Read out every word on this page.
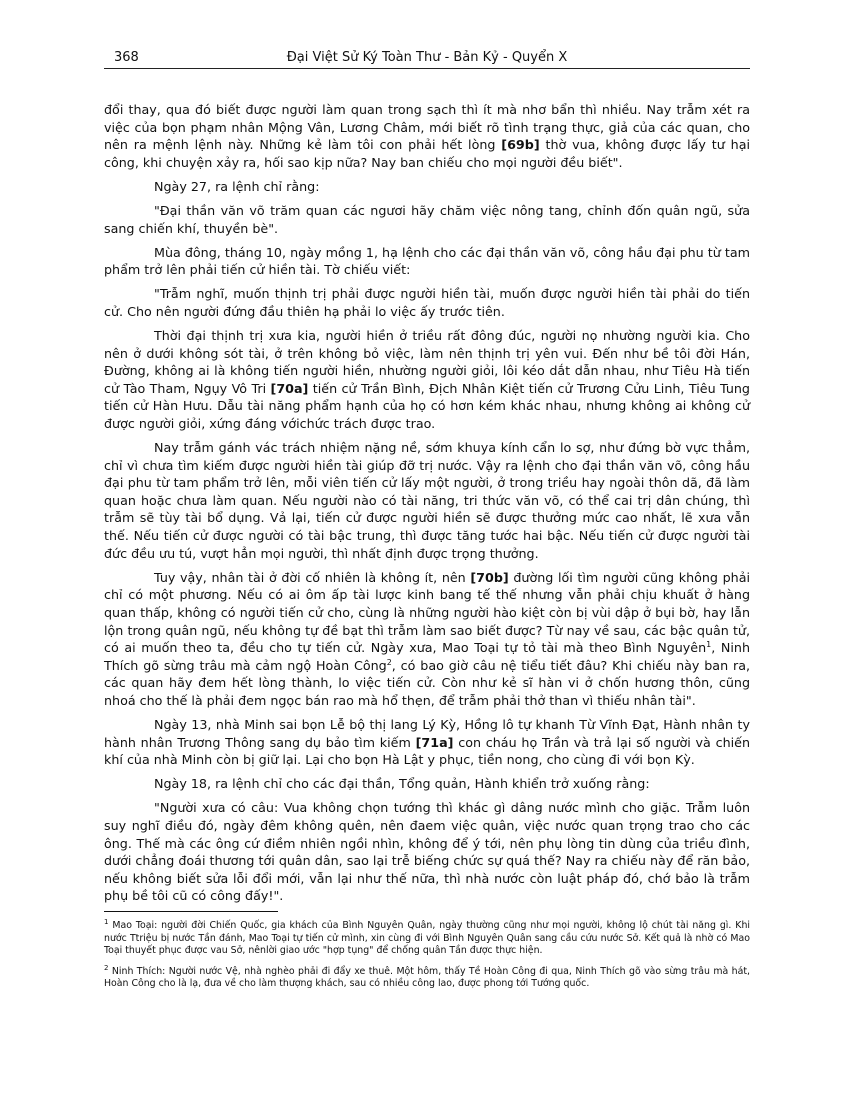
368	Đại Việt Sử Ký Toàn Thư - Bản Kỷ - Quyển X

đổi thay, qua đó biết được người làm quan trong sạch thì ít mà nhơ bẩn thì nhiều. Nay trẫm xét ra việc của bọn phạm nhân Mộng Vân, Lương Châm, mới biết rõ tình trạng thực, giả của các quan, cho nên ra mệnh lệnh này. Những kẻ làm tôi con phải hết lòng [69b] thờ vua, không được lấy tư hại công, khi chuyện xảy ra, hối sao kịp nữa? Nay ban chiếu cho mọi người đều biết".

Ngày 27, ra lệnh chỉ rằng:

"Đại thần văn võ trăm quan các ngươi hãy chăm việc nông tang, chỉnh đốn quân ngũ, sửa sang chiến khí, thuyền bè".

Mùa đông, tháng 10, ngày mồng 1, hạ lệnh cho các đại thần văn võ, công hầu đại phu từ tam phẩm trở lên phải tiến cử hiền tài. Tờ chiếu viết:

"Trẫm nghĩ, muốn thịnh trị phải được người hiền tài, muốn được người hiền tài phải do tiến cử. Cho nên người đứng đầu thiên hạ phải lo việc ấy trước tiên.

Thời đại thịnh trị xưa kia, người hiền ở triều rất đông đúc, người nọ nhường người kia. Cho nên ở dưới không sót tài, ở trên không bỏ việc, làm nên thịnh trị yên vui. Đến như bề tôi đời Hán, Đường, không ai là không tiến người hiền, nhường người giỏi, lôi kéo dắt dẫn nhau, như Tiêu Hà tiến cử Tào Tham, Ngụy Vô Tri [70a] tiến cử Trần Bình, Địch Nhân Kiệt tiến cử Trương Cửu Linh, Tiêu Tung tiến cử Hàn Hưu. Dẫu tài năng phẩm hạnh của họ có hơn kém khác nhau, nhưng không ai không cử được người giỏi, xứng đáng vớichức trách được trao.

Nay trẫm gánh vác trách nhiệm nặng nề, sớm khuya kính cẩn lo sợ, như đứng bờ vực thẳm, chỉ vì chưa tìm kiếm được người hiền tài giúp đỡ trị nước. Vậy ra lệnh cho đại thần văn võ, công hầu đại phu từ tam phẩm trở lên, mỗi viên tiến cử lấy một người, ở trong triều hay ngoài thôn dã, đã làm quan hoặc chưa làm quan. Nếu người nào có tài năng, tri thức văn võ, có thể cai trị dân chúng, thì trẫm sẽ tùy tài bổ dụng. Vả lại, tiến cử được người hiền sẽ được thưởng mức cao nhất, lẽ xưa vẫn thế. Nếu tiến cử được người có tài bậc trung, thì được tăng tước hai bậc. Nếu tiến cử được người tài đức đều ưu tú, vượt hẳn mọi người, thì nhất định được trọng thưởng.

Tuy vậy, nhân tài ở đời cố nhiên là không ít, nên [70b] đường lối tìm người cũng không phải chỉ có một phương. Nếu có ai ôm ấp tài lược kinh bang tế thế nhưng vẫn phải chịu khuất ở hàng quan thấp, không có người tiến cử cho, cùng là những người hào kiệt còn bị vùi dập ở bụi bờ, hay lẫn lộn trong quân ngũ, nếu không tự đề bạt thì trẫm làm sao biết được? Từ nay về sau, các bậc quân tử, có ai muốn theo ta, đều cho tự tiến cử. Ngày xưa, Mao Toại tự tỏ tài mà theo Bình Nguyên$^1$, Ninh Thích gõ sừng trâu mà cảm ngộ Hoàn Công$^2$, có bao giờ câu nệ tiểu tiết đâu? Khi chiếu này ban ra, các quan hãy đem hết lòng thành, lo việc tiến cử. Còn như kẻ sĩ hàn vi ở chốn hương thôn, cũng nhoá cho thế là phải đem ngọc bán rao mà hổ thẹn, để trẫm phải thở than vì thiếu nhân tài".

Ngày 13, nhà Minh sai bọn Lễ bộ thị lang Lý Kỳ, Hồng lô tự khanh Từ Vĩnh Đạt, Hành nhân ty hành nhân Trương Thông sang dụ bảo tìm kiếm [71a] con cháu họ Trần và trả lại số người và chiến khí của nhà Minh còn bị giữ lại. Lại cho bọn Hà Lật y phục, tiền nong, cho cùng đi với bọn Kỳ.

Ngày 18, ra lệnh chỉ cho các đại thần, Tổng quản, Hành khiển trở xuống rằng:

"Người xưa có câu: Vua không chọn tướng thì khác gì dâng nước mình cho giặc. Trẫm luôn suy nghĩ điều đó, ngày đêm không quên, nên đaem việc quân, việc nước quan trọng trao cho các ông. Thế mà các ông cứ điềm nhiên ngồi nhìn, không để ý tới, nên phụ lòng tin dùng của triều đình, dưới chẳng đoái thương tới quân dân, sao lại trễ biếng chức sự quá thế? Nay ra chiếu này để răn bảo, nếu không biết sửa lỗi đổi mới, vẫn lại như thế nữa, thì nhà nước còn luật pháp đó, chớ bảo là trẫm phụ bề tôi cũ có công đấy!".

$^1$ Mao Toại: người đời Chiến Quốc, gia khách của Bình Nguyên Quân, ngày thường cũng như mọi người, không lộ chút tài năng gì. Khi nước Ttriệu bị nước Tần đánh, Mao Toại tự tiến cử mình, xin cùng đi với Bình Nguyên Quân sang cầu cứu nước Sở. Kết quả là nhờ có Mao Toại thuyết phục được vau Sở, nênlời giao ước "hợp tụng" để chống quân Tần được thực hiện.

$^2$ Ninh Thích: Người nước Vệ, nhà nghèo phải đi đẩy xe thuê. Một hôm, thấy Tề Hoàn Công đi qua, Ninh Thích gõ vào sừng trâu mà hát, Hoàn Công cho là lạ, đưa về cho làm thượng khách, sau có nhiều công lao, được phong tới Tướng quốc.
